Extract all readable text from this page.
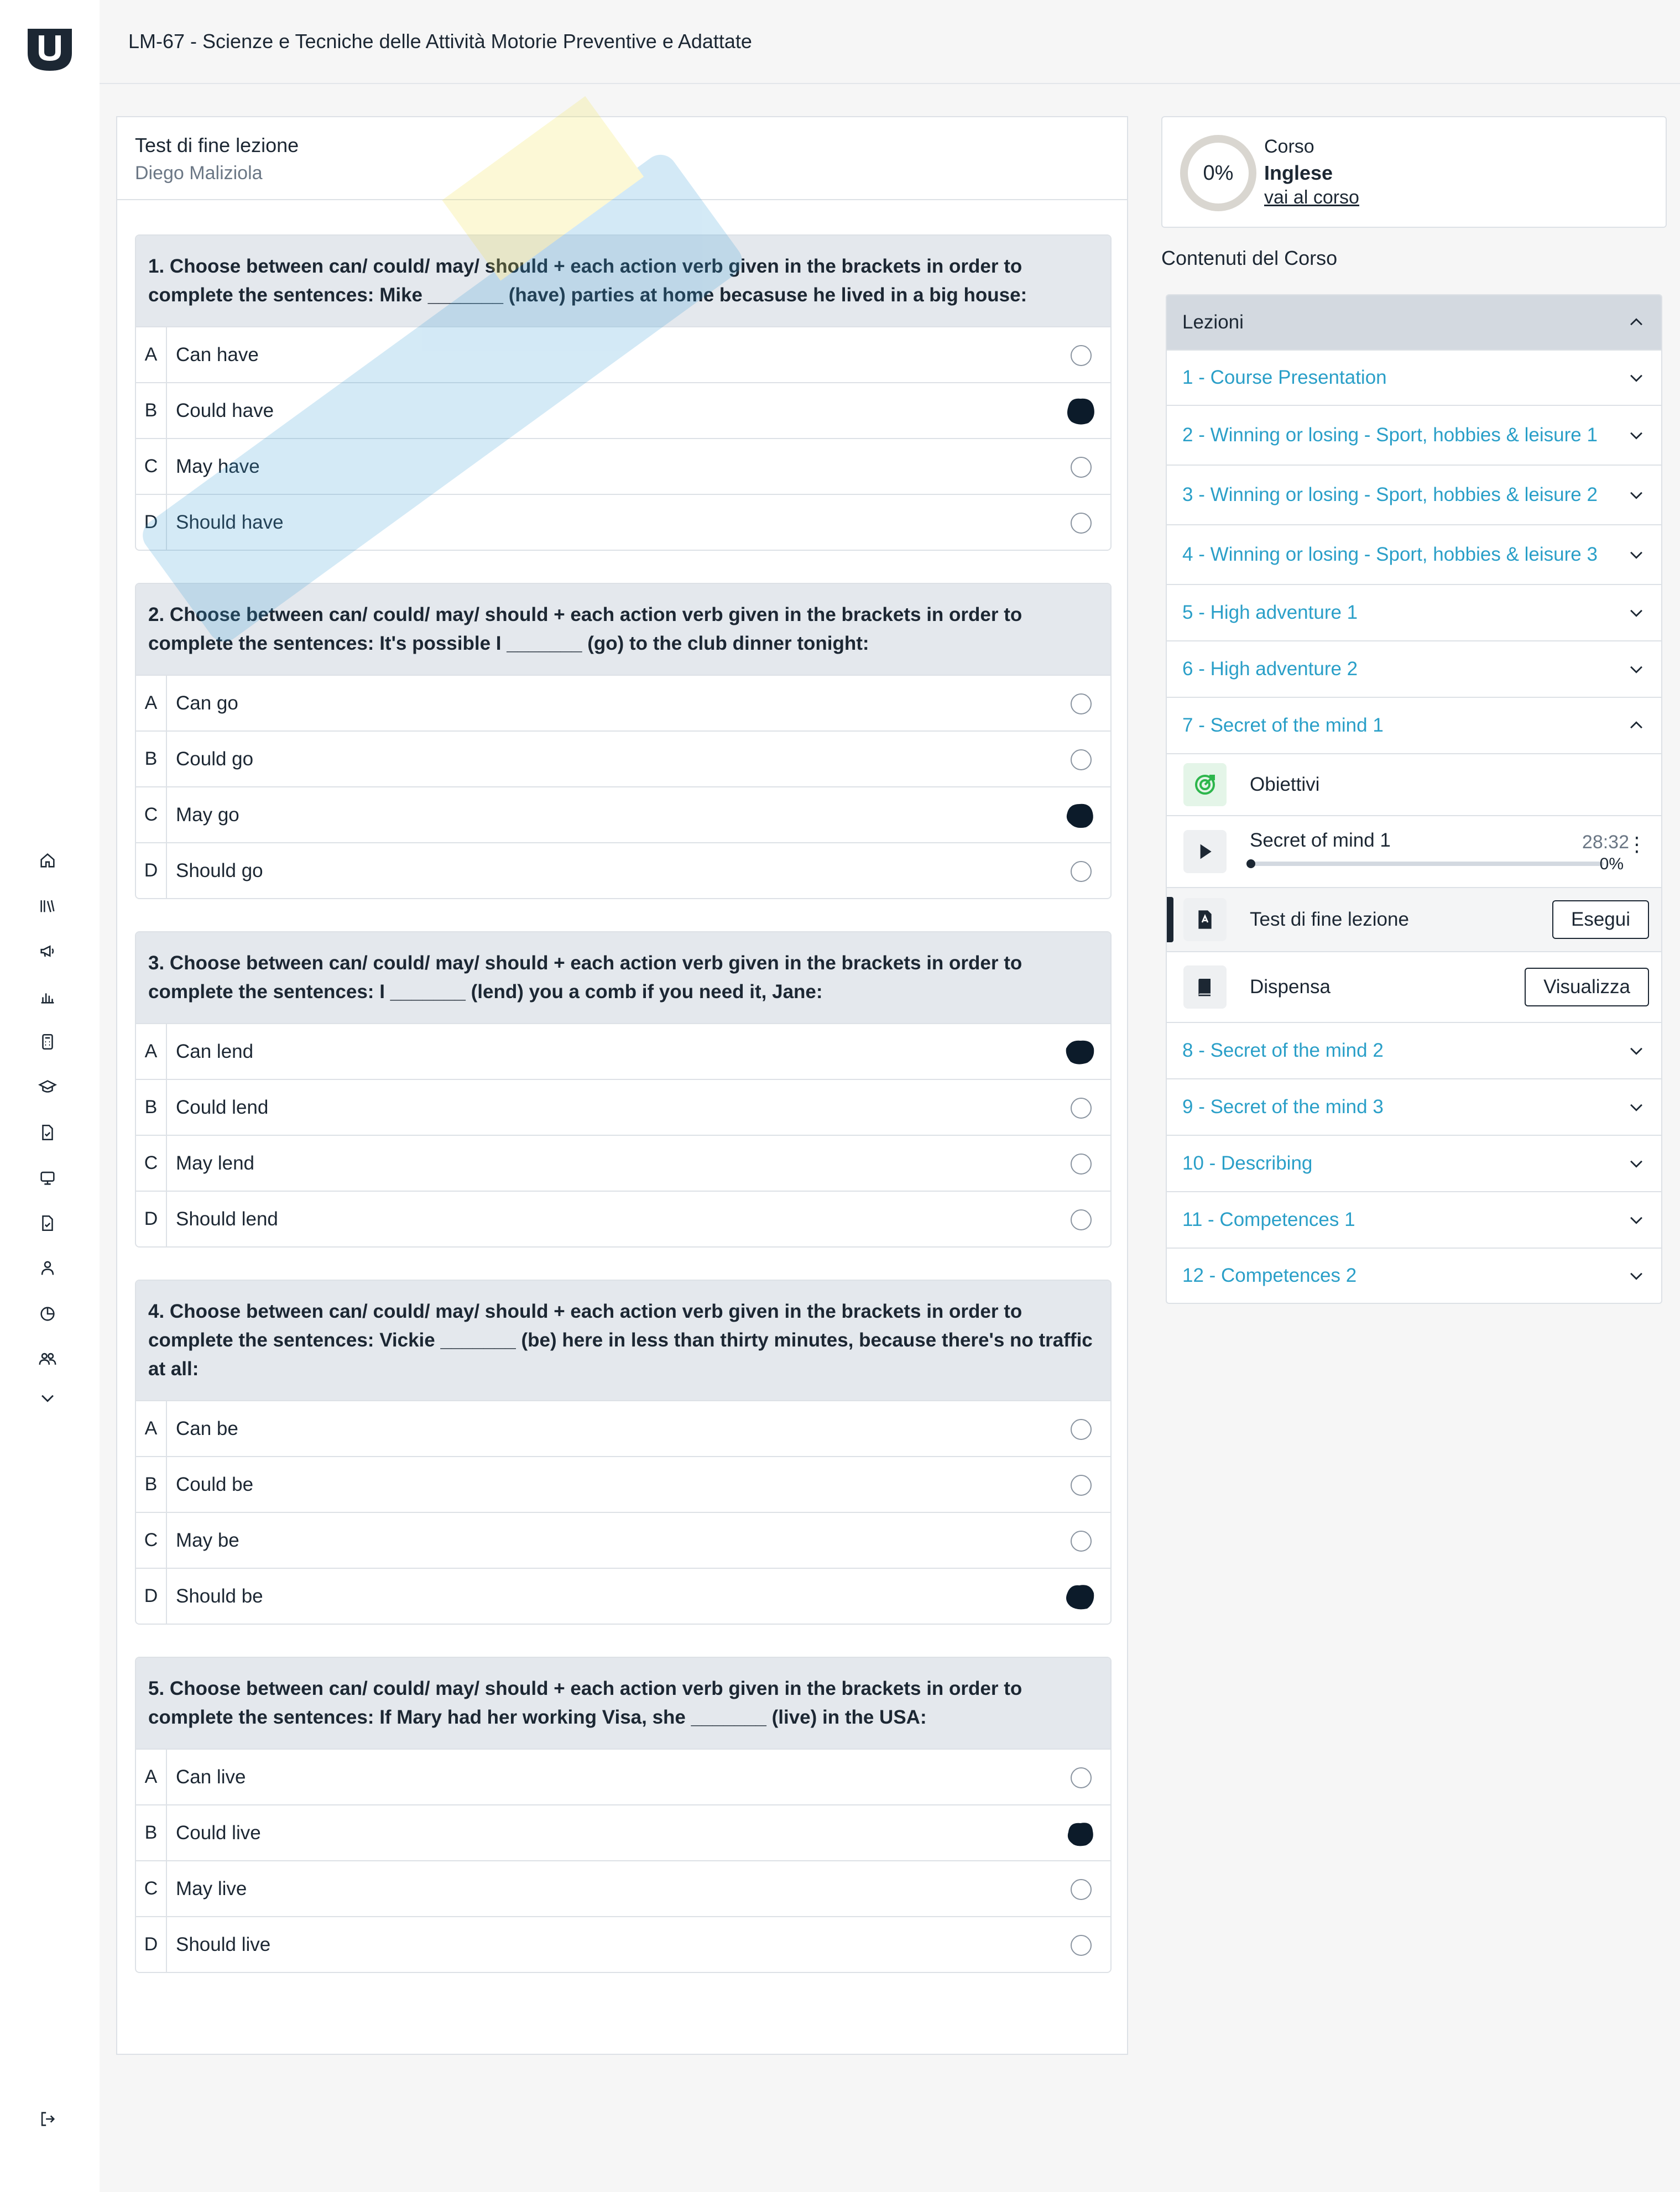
LM-67 - Scienze e Tecniche delle Attività Motorie Preventive e Adattate
Test di fine lezione
Diego Maliziola
1. Choose between can/ could/ may/ should + each action verb given in the brackets in order to complete the sentences: Mike _______ (have) parties at home becasuse he lived in a big house:
A Can have
B Could have
C May have
D Should have
2. Choose between can/ could/ may/ should + each action verb given in the brackets in order to complete the sentences: It's possible I _______ (go) to the club dinner tonight:
A Can go
B Could go
C May go
D Should go
3. Choose between can/ could/ may/ should + each action verb given in the brackets in order to complete the sentences: I _______ (lend) you a comb if you need it, Jane:
A Can lend
B Could lend
C May lend
D Should lend
4. Choose between can/ could/ may/ should + each action verb given in the brackets in order to complete the sentences: Vickie _______ (be) here in less than thirty minutes, because there's no traffic at all:
A Can be
B Could be
C May be
D Should be
5. Choose between can/ could/ may/ should + each action verb given in the brackets in order to complete the sentences: If Mary had her working Visa, she _______ (live) in the USA:
A Can live
B Could live
C May live
D Should live
0%
Corso
Inglese
vai al corso
Contenuti del Corso
Lezioni
1 - Course Presentation
2 - Winning or losing - Sport, hobbies & leisure 1
3 - Winning or losing - Sport, hobbies & leisure 2
4 - Winning or losing - Sport, hobbies & leisure 3
5 - High adventure 1
6 - High adventure 2
7 - Secret of the mind 1
Obiettivi
Secret of mind 1	28:32
⋮
0%
Test di fine lezione	Esegui
Dispensa	Visualizza
8 - Secret of the mind 2
9 - Secret of the mind 3
10 - Describing
11 - Competences 1
12 - Competences 2
